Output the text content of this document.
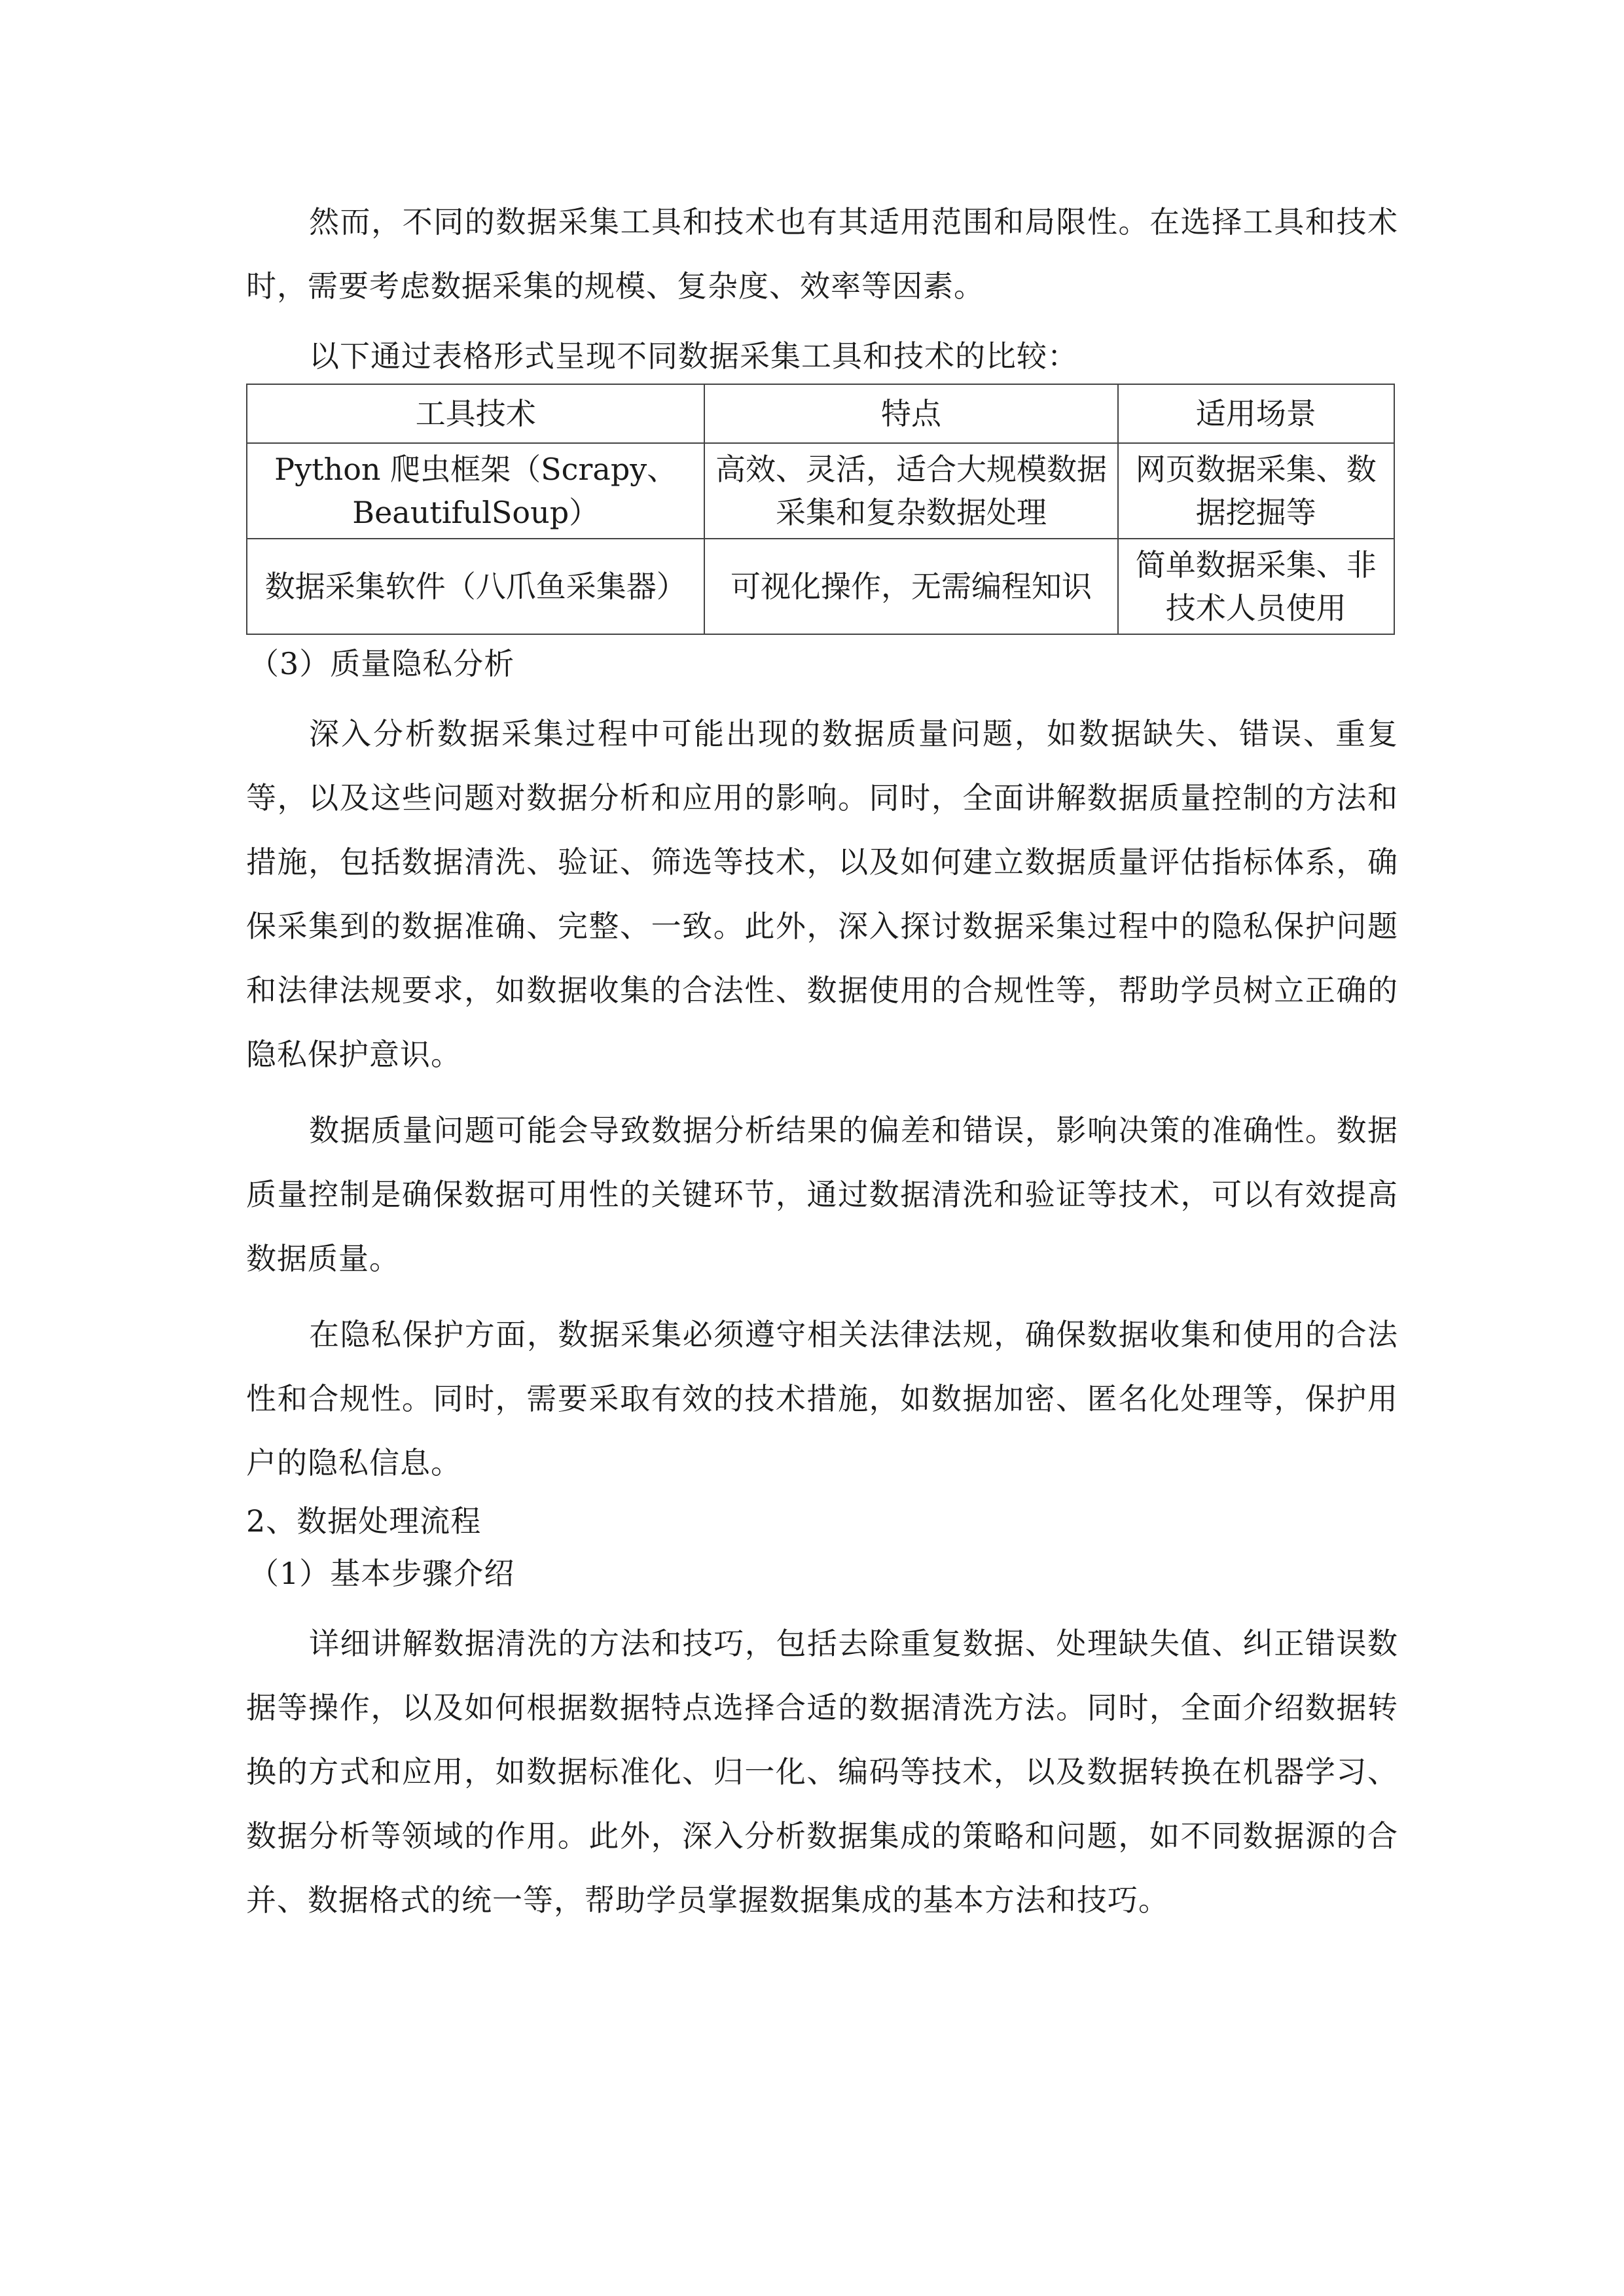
然而，不同的数据采集工具和技术也有其适用范围和局限性。在选择工具和技术时，需要考虑数据采集的规模、复杂度、效率等因素。

以下通过表格形式呈现不同数据采集工具和技术的比较：

工具技术	特点	适用场景
Python 爬虫框架（Scrapy、BeautifulSoup）	高效、灵活，适合大规模数据采集和复杂数据处理	网页数据采集、数据挖掘等
数据采集软件（八爪鱼采集器）	可视化操作，无需编程知识	简单数据采集、非技术人员使用

（3）质量隐私分析

深入分析数据采集过程中可能出现的数据质量问题，如数据缺失、错误、重复等，以及这些问题对数据分析和应用的影响。同时，全面讲解数据质量控制的方法和措施，包括数据清洗、验证、筛选等技术，以及如何建立数据质量评估指标体系，确保采集到的数据准确、完整、一致。此外，深入探讨数据采集过程中的隐私保护问题和法律法规要求，如数据收集的合法性、数据使用的合规性等，帮助学员树立正确的隐私保护意识。

数据质量问题可能会导致数据分析结果的偏差和错误，影响决策的准确性。数据质量控制是确保数据可用性的关键环节，通过数据清洗和验证等技术，可以有效提高数据质量。

在隐私保护方面，数据采集必须遵守相关法律法规，确保数据收集和使用的合法性和合规性。同时，需要采取有效的技术措施，如数据加密、匿名化处理等，保护用户的隐私信息。

2、数据处理流程

（1）基本步骤介绍

详细讲解数据清洗的方法和技巧，包括去除重复数据、处理缺失值、纠正错误数据等操作，以及如何根据数据特点选择合适的数据清洗方法。同时，全面介绍数据转换的方式和应用，如数据标准化、归一化、编码等技术，以及数据转换在机器学习、数据分析等领域的作用。此外，深入分析数据集成的策略和问题，如不同数据源的合并、数据格式的统一等，帮助学员掌握数据集成的基本方法和技巧。
